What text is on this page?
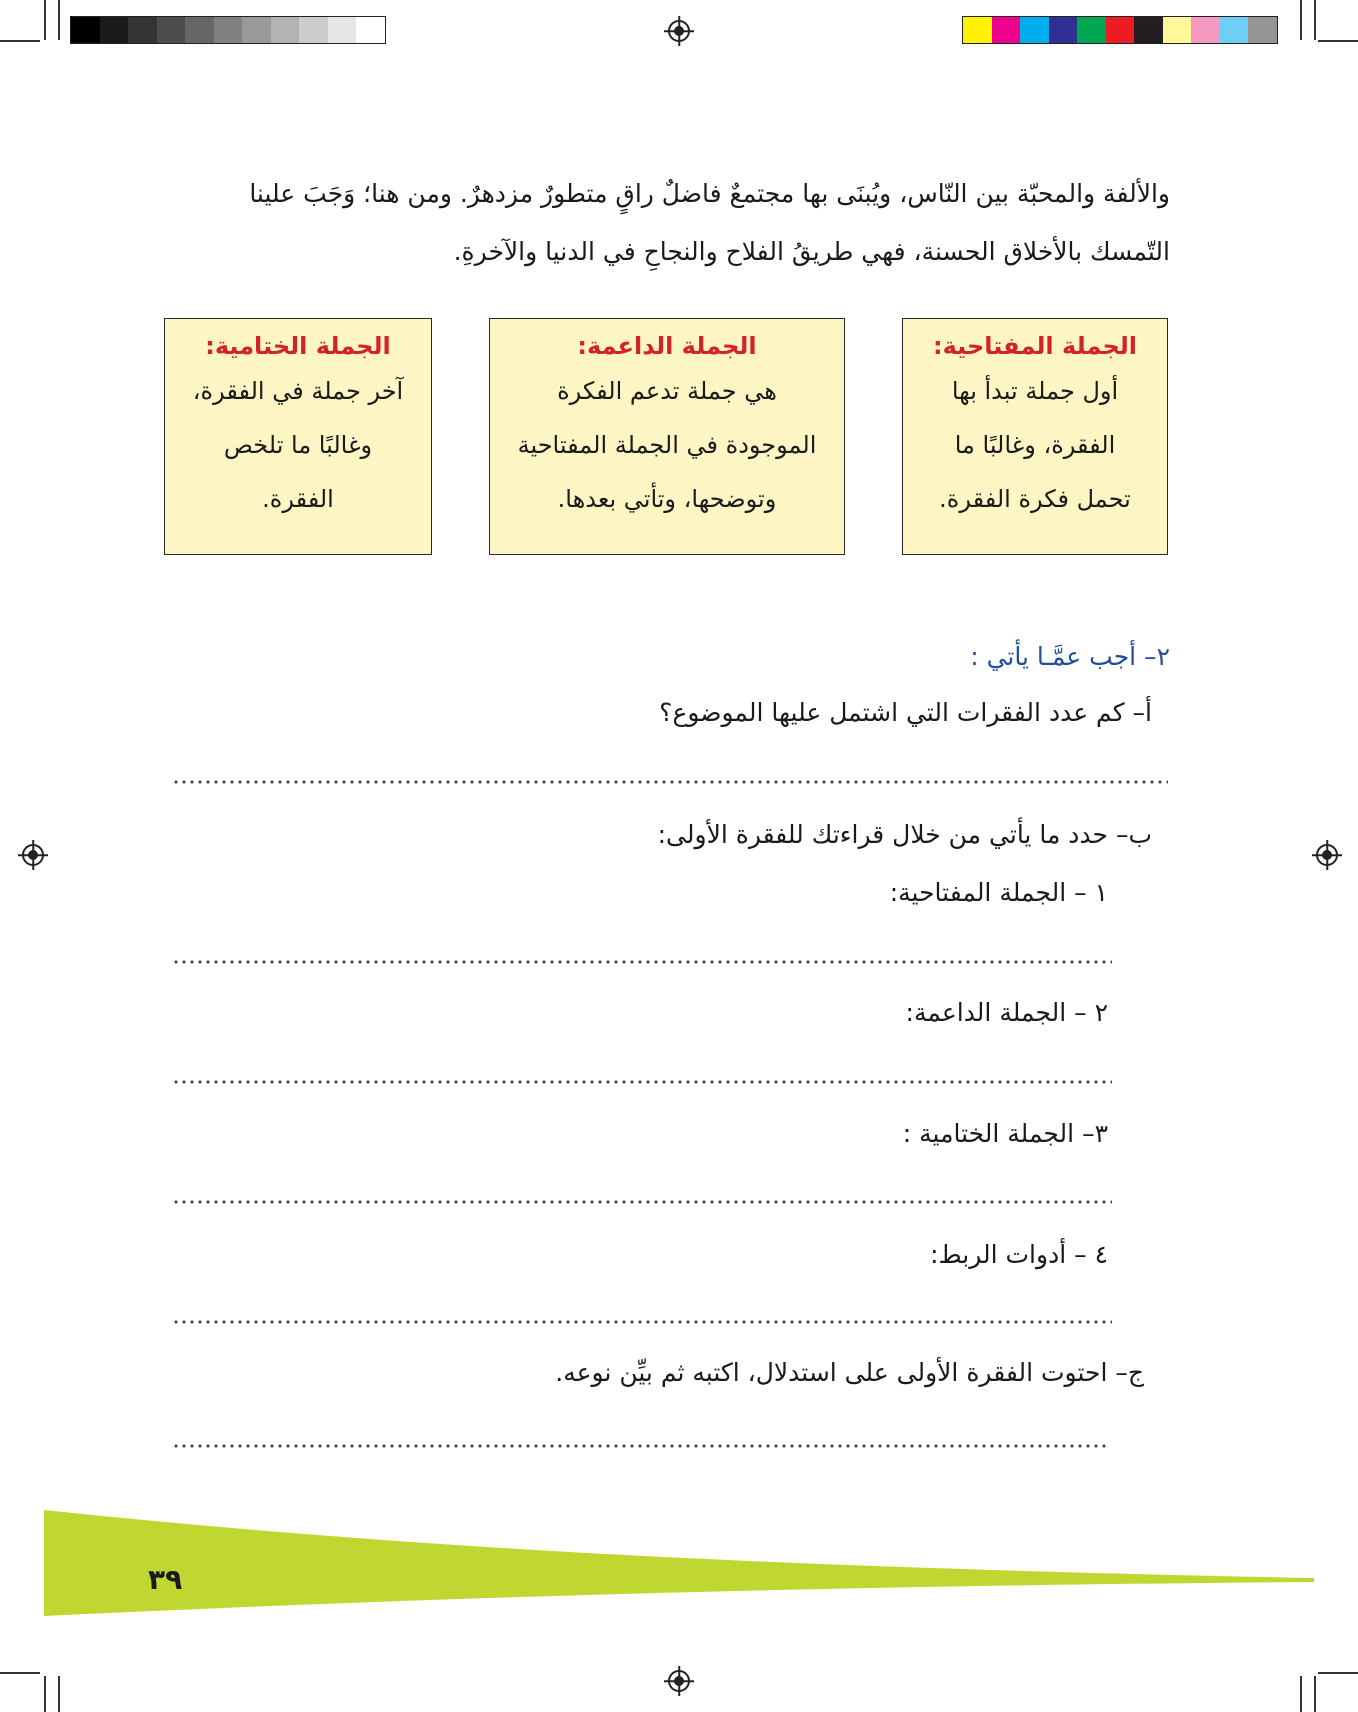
والألفة والمحبّة بين النّاس، ويُبنَى بها مجتمعٌ فاضلٌ راقٍ متطورٌ مزدهرٌ. ومن هنا؛ وَجَبَ علينا
التّمسك بالأخلاق الحسنة، فهي طريقُ الفلاح والنجاحِ في الدنيا والآخرةِ.
الجملة المفتاحية:
أول جملة تبدأ بها
الفقرة، وغالبًا ما
تحمل فكرة الفقرة.
الجملة الداعمة:
هي جملة تدعم الفكرة
الموجودة في الجملة المفتاحية
وتوضحها، وتأتي بعدها.
الجملة الختامية:
آخر جملة في الفقرة،
وغالبًا ما تلخص
الفقرة.
٢– أجب عمَّـا يأتي :
أ– كم عدد الفقرات التي اشتمل عليها الموضوع؟
ب– حدد ما يأتي من خلال قراءتك للفقرة الأولى:
١ – الجملة المفتاحية:
٢ – الجملة الداعمة:
٣– الجملة الختامية :
٤ – أدوات الربط:
ج– احتوت الفقرة الأولى على استدلال، اكتبه ثم بيِّن نوعه.
٣٩
